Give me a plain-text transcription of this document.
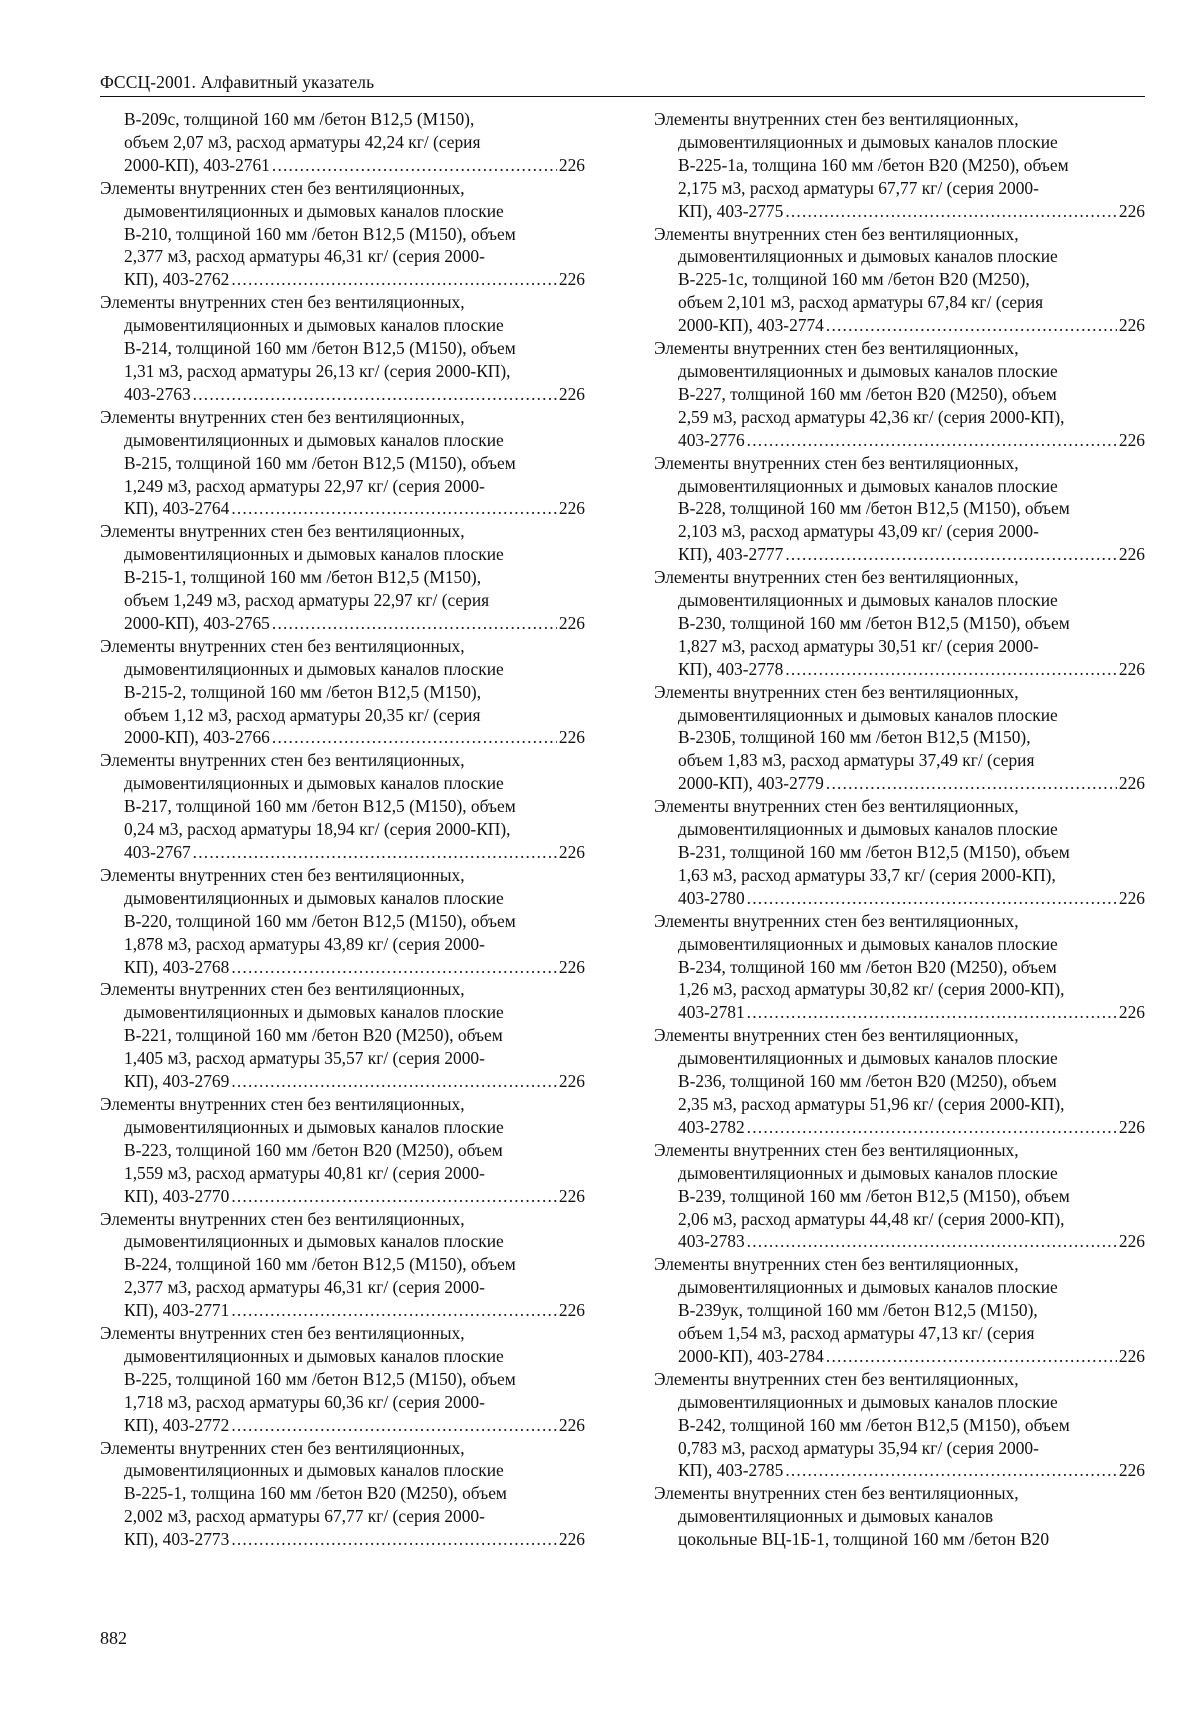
ФССЦ-2001. Алфавитный указатель
В-209с, толщиной 160 мм /бетон В12,5 (М150),
объем 2,07 м3, расход арматуры 42,24 кг/ (серия
2000-КП), 403-2761 .....	226
Элементы внутренних стен без вентиляционных,
дымовентиляционных и дымовых каналов плоские
В-210, толщиной 160 мм /бетон В12,5 (М150), объем
2,377 м3, расход арматуры 46,31 кг/ (серия 2000-
КП), 403-2762 .....	226
Элементы внутренних стен без вентиляционных,
дымовентиляционных и дымовых каналов плоские
В-214, толщиной 160 мм /бетон В12,5 (М150), объем
1,31 м3, расход арматуры 26,13 кг/ (серия 2000-КП),
403-2763 .....	226
Элементы внутренних стен без вентиляционных,
дымовентиляционных и дымовых каналов плоские
В-215, толщиной 160 мм /бетон В12,5 (М150), объем
1,249 м3, расход арматуры 22,97 кг/ (серия 2000-
КП), 403-2764 .....	226
Элементы внутренних стен без вентиляционных,
дымовентиляционных и дымовых каналов плоские
В-215-1, толщиной 160 мм /бетон В12,5 (М150),
объем 1,249 м3, расход арматуры 22,97 кг/ (серия
2000-КП), 403-2765 .....	226
Элементы внутренних стен без вентиляционных,
дымовентиляционных и дымовых каналов плоские
В-215-2, толщиной 160 мм /бетон В12,5 (М150),
объем 1,12 м3, расход арматуры 20,35 кг/ (серия
2000-КП), 403-2766 .....	226
Элементы внутренних стен без вентиляционных,
дымовентиляционных и дымовых каналов плоские
В-217, толщиной 160 мм /бетон В12,5 (М150), объем
0,24 м3, расход арматуры 18,94 кг/ (серия 2000-КП),
403-2767 .....	226
Элементы внутренних стен без вентиляционных,
дымовентиляционных и дымовых каналов плоские
В-220, толщиной 160 мм /бетон В12,5 (М150), объем
1,878 м3, расход арматуры 43,89 кг/ (серия 2000-
КП), 403-2768 .....	226
Элементы внутренних стен без вентиляционных,
дымовентиляционных и дымовых каналов плоские
В-221, толщиной 160 мм /бетон В20 (М250), объем
1,405 м3, расход арматуры 35,57 кг/ (серия 2000-
КП), 403-2769 .....	226
Элементы внутренних стен без вентиляционных,
дымовентиляционных и дымовых каналов плоские
В-223, толщиной 160 мм /бетон В20 (М250), объем
1,559 м3, расход арматуры 40,81 кг/ (серия 2000-
КП), 403-2770 .....	226
Элементы внутренних стен без вентиляционных,
дымовентиляционных и дымовых каналов плоские
В-224, толщиной 160 мм /бетон В12,5 (М150), объем
2,377 м3, расход арматуры 46,31 кг/ (серия 2000-
КП), 403-2771 .....	226
Элементы внутренних стен без вентиляционных,
дымовентиляционных и дымовых каналов плоские
В-225, толщиной 160 мм /бетон В12,5 (М150), объем
1,718 м3, расход арматуры 60,36 кг/ (серия 2000-
КП), 403-2772 .....	226
Элементы внутренних стен без вентиляционных,
дымовентиляционных и дымовых каналов плоские
В-225-1, толщина 160 мм /бетон В20 (М250), объем
2,002 м3, расход арматуры 67,77 кг/ (серия 2000-
КП), 403-2773 .....	226
Элементы внутренних стен без вентиляционных,
дымовентиляционных и дымовых каналов плоские
В-225-1а, толщина 160 мм /бетон В20 (М250), объем
2,175 м3, расход арматуры 67,77 кг/ (серия 2000-
КП), 403-2775 .....	226
Элементы внутренних стен без вентиляционных,
дымовентиляционных и дымовых каналов плоские
В-225-1с, толщиной 160 мм /бетон В20 (М250),
объем 2,101 м3, расход арматуры 67,84 кг/ (серия
2000-КП), 403-2774 .....	226
Элементы внутренних стен без вентиляционных,
дымовентиляционных и дымовых каналов плоские
В-227, толщиной 160 мм /бетон В20 (М250), объем
2,59 м3, расход арматуры 42,36 кг/ (серия 2000-КП),
403-2776 .....	226
Элементы внутренних стен без вентиляционных,
дымовентиляционных и дымовых каналов плоские
В-228, толщиной 160 мм /бетон В12,5 (М150), объем
2,103 м3, расход арматуры 43,09 кг/ (серия 2000-
КП), 403-2777 .....	226
Элементы внутренних стен без вентиляционных,
дымовентиляционных и дымовых каналов плоские
В-230, толщиной 160 мм /бетон В12,5 (М150), объем
1,827 м3, расход арматуры 30,51 кг/ (серия 2000-
КП), 403-2778 .....	226
Элементы внутренних стен без вентиляционных,
дымовентиляционных и дымовых каналов плоские
В-230Б, толщиной 160 мм /бетон В12,5 (М150),
объем 1,83 м3, расход арматуры 37,49 кг/ (серия
2000-КП), 403-2779 .....	226
Элементы внутренних стен без вентиляционных,
дымовентиляционных и дымовых каналов плоские
В-231, толщиной 160 мм /бетон В12,5 (М150), объем
1,63 м3, расход арматуры 33,7 кг/ (серия 2000-КП),
403-2780 .....	226
Элементы внутренних стен без вентиляционных,
дымовентиляционных и дымовых каналов плоские
В-234, толщиной 160 мм /бетон В20 (М250), объем
1,26 м3, расход арматуры 30,82 кг/ (серия 2000-КП),
403-2781 .....	226
Элементы внутренних стен без вентиляционных,
дымовентиляционных и дымовых каналов плоские
В-236, толщиной 160 мм /бетон В20 (М250), объем
2,35 м3, расход арматуры 51,96 кг/ (серия 2000-КП),
403-2782 .....	226
Элементы внутренних стен без вентиляционных,
дымовентиляционных и дымовых каналов плоские
В-239, толщиной 160 мм /бетон В12,5 (М150), объем
2,06 м3, расход арматуры 44,48 кг/ (серия 2000-КП),
403-2783 .....	226
Элементы внутренних стен без вентиляционных,
дымовентиляционных и дымовых каналов плоские
В-239ук, толщиной 160 мм /бетон В12,5 (М150),
объем 1,54 м3, расход арматуры 47,13 кг/ (серия
2000-КП), 403-2784 .....	226
Элементы внутренних стен без вентиляционных,
дымовентиляционных и дымовых каналов плоские
В-242, толщиной 160 мм /бетон В12,5 (М150), объем
0,783 м3, расход арматуры 35,94 кг/ (серия 2000-
КП), 403-2785 .....	226
Элементы внутренних стен без вентиляционных,
дымовентиляционных и дымовых каналов
цокольные ВЦ-1Б-1, толщиной 160 мм /бетон В20
882
